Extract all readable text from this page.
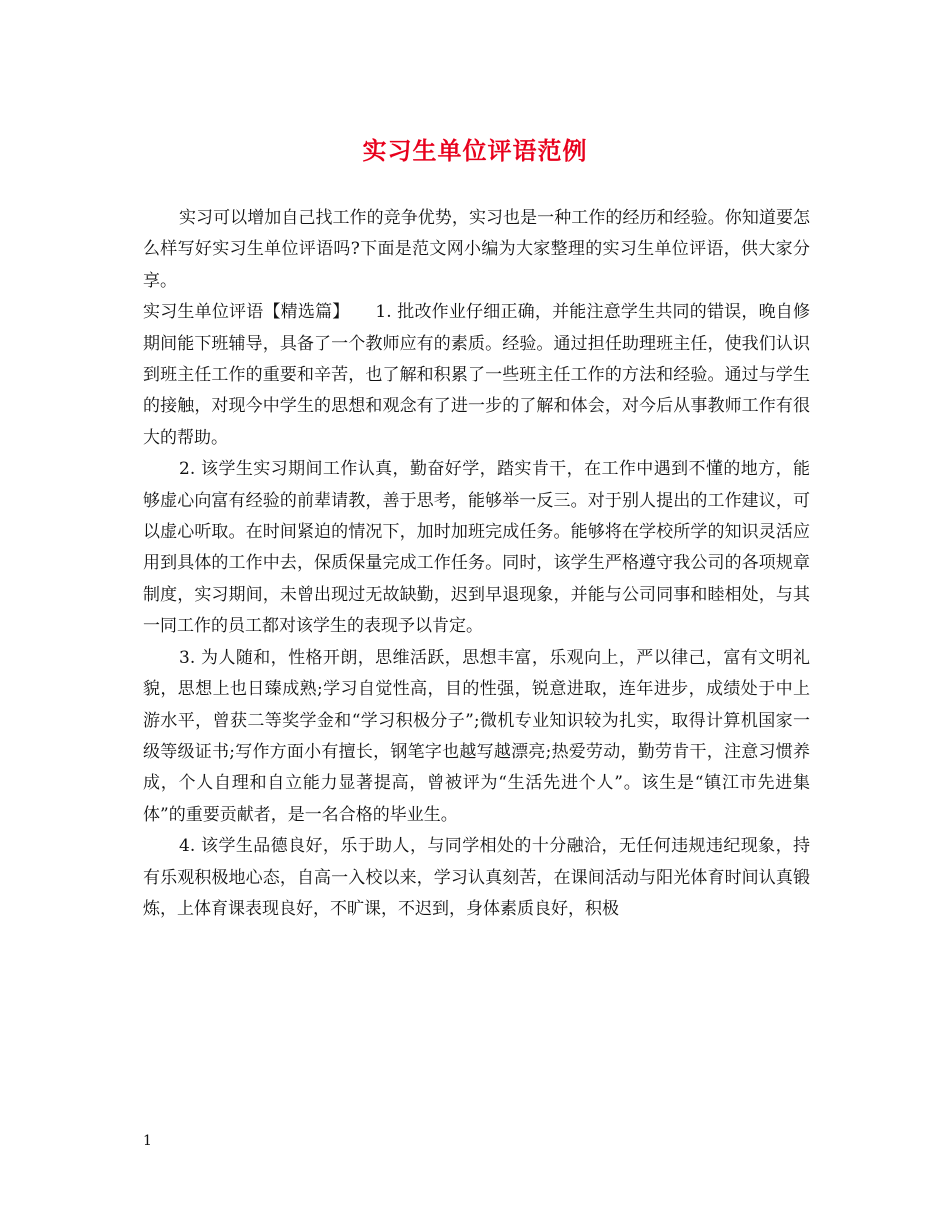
实习生单位评语范例

实习可以增加自己找工作的竞争优势，实习也是一种工作的经历和经验。你知道要怎么样写好实习生单位评语吗?下面是范文网小编为大家整理的实习生单位评语，供大家分享。

实习生单位评语【精选篇】　　1. 批改作业仔细正确，并能注意学生共同的错误，晚自修期间能下班辅导，具备了一个教师应有的素质。经验。通过担任助理班主任，使我们认识到班主任工作的重要和辛苦，也了解和积累了一些班主任工作的方法和经验。通过与学生的接触，对现今中学生的思想和观念有了进一步的了解和体会，对今后从事教师工作有很大的帮助。

2. 该学生实习期间工作认真，勤奋好学，踏实肯干，在工作中遇到不懂的地方，能够虚心向富有经验的前辈请教，善于思考，能够举一反三。对于别人提出的工作建议，可以虚心听取。在时间紧迫的情况下，加时加班完成任务。能够将在学校所学的知识灵活应用到具体的工作中去，保质保量完成工作任务。同时，该学生严格遵守我公司的各项规章制度，实习期间，未曾出现过无故缺勤，迟到早退现象，并能与公司同事和睦相处，与其一同工作的员工都对该学生的表现予以肯定。

3. 为人随和，性格开朗，思维活跃，思想丰富，乐观向上，严以律己，富有文明礼貌，思想上也日臻成熟;学习自觉性高，目的性强，锐意进取，连年进步，成绩处于中上游水平，曾获二等奖学金和“学习积极分子”;微机专业知识较为扎实，取得计算机国家一级等级证书;写作方面小有擅长，钢笔字也越写越漂亮;热爱劳动，勤劳肯干，注意习惯养成，个人自理和自立能力显著提高，曾被评为“生活先进个人”。该生是“镇江市先进集体”的重要贡献者，是一名合格的毕业生。

4. 该学生品德良好，乐于助人，与同学相处的十分融洽，无任何违规违纪现象，持有乐观积极地心态，自高一入校以来，学习认真刻苦，在课间活动与阳光体育时间认真锻炼，上体育课表现良好，不旷课，不迟到，身体素质良好，积极

1
